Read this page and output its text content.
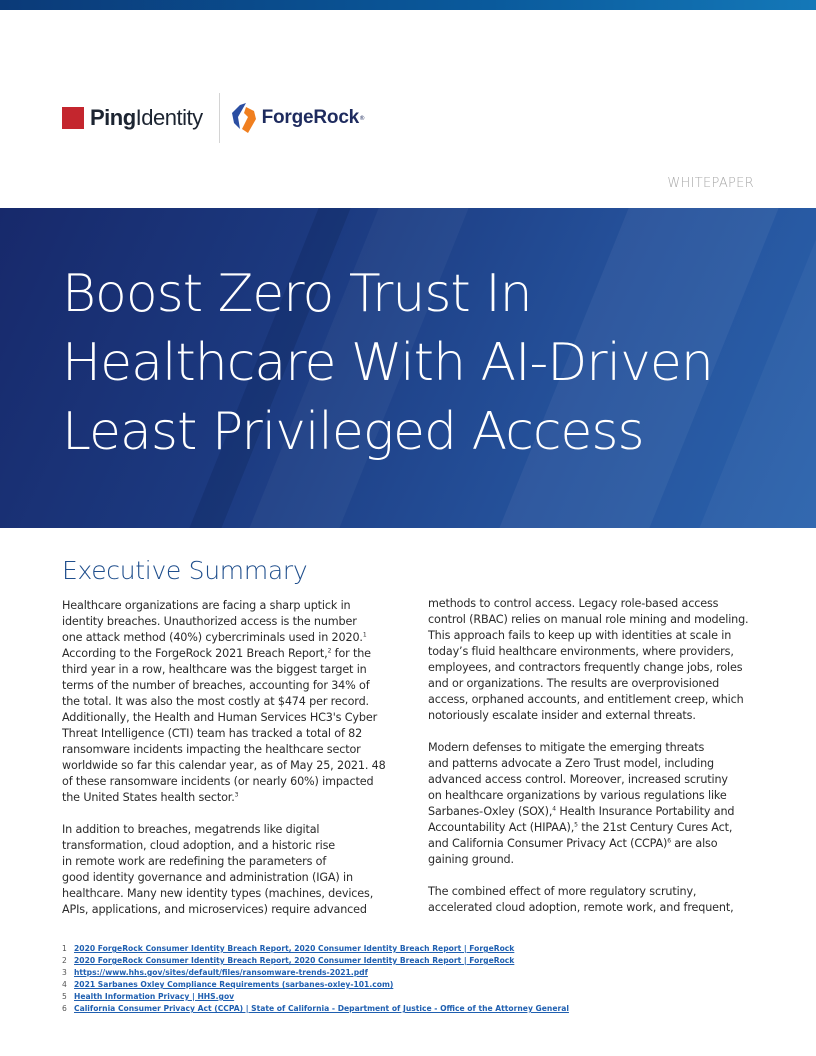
PingIdentity	ForgeRock ®
WHITEPAPER
Boost Zero Trust In
Healthcare With AI-Driven
Least Privileged Access
Executive Summary

Healthcare organizations are facing a sharp uptick in
identity breaches. Unauthorized access is the number
one attack method (40%) cybercriminals used in 2020.$^1$
According to the ForgeRock 2021 Breach Report,$^2$ for the
third year in a row, healthcare was the biggest target in
terms of the number of breaches, accounting for 34% of
the total. It was also the most costly at $474 per record.
Additionally, the Health and Human Services HC3's Cyber
Threat Intelligence (CTI) team has tracked a total of 82
ransomware incidents impacting the healthcare sector
worldwide so far this calendar year, as of May 25, 2021. 48
of these ransomware incidents (or nearly 60%) impacted
the United States health sector.$^3$

In addition to breaches, megatrends like digital
transformation, cloud adoption, and a historic rise
in remote work are redefining the parameters of
good identity governance and administration (IGA) in
healthcare. Many new identity types (machines, devices,
APIs, applications, and microservices) require advanced

methods to control access. Legacy role-based access
control (RBAC) relies on manual role mining and modeling.
This approach fails to keep up with identities at scale in
today’s fluid healthcare environments, where providers,
employees, and contractors frequently change jobs, roles
and or organizations. The results are overprovisioned
access, orphaned accounts, and entitlement creep, which
notoriously escalate insider and external threats.

Modern defenses to mitigate the emerging threats
and patterns advocate a Zero Trust model, including
advanced access control. Moreover, increased scrutiny
on healthcare organizations by various regulations like
Sarbanes-Oxley (SOX),$^4$ Health Insurance Portability and
Accountability Act (HIPAA),$^5$ the 21st Century Cures Act,
and California Consumer Privacy Act (CCPA)$^6$ are also
gaining ground.

The combined effect of more regulatory scrutiny,
accelerated cloud adoption, remote work, and frequent,

1 2020 ForgeRock Consumer Identity Breach Report, 2020 Consumer Identity Breach Report | ForgeRock
2 2020 ForgeRock Consumer Identity Breach Report, 2020 Consumer Identity Breach Report | ForgeRock
3 https://www.hhs.gov/sites/default/files/ransomware-trends-2021.pdf
4 2021 Sarbanes Oxley Compliance Requirements (sarbanes-oxley-101.com)
5 Health Information Privacy | HHS.gov
6 California Consumer Privacy Act (CCPA) | State of California - Department of Justice - Office of the Attorney General
